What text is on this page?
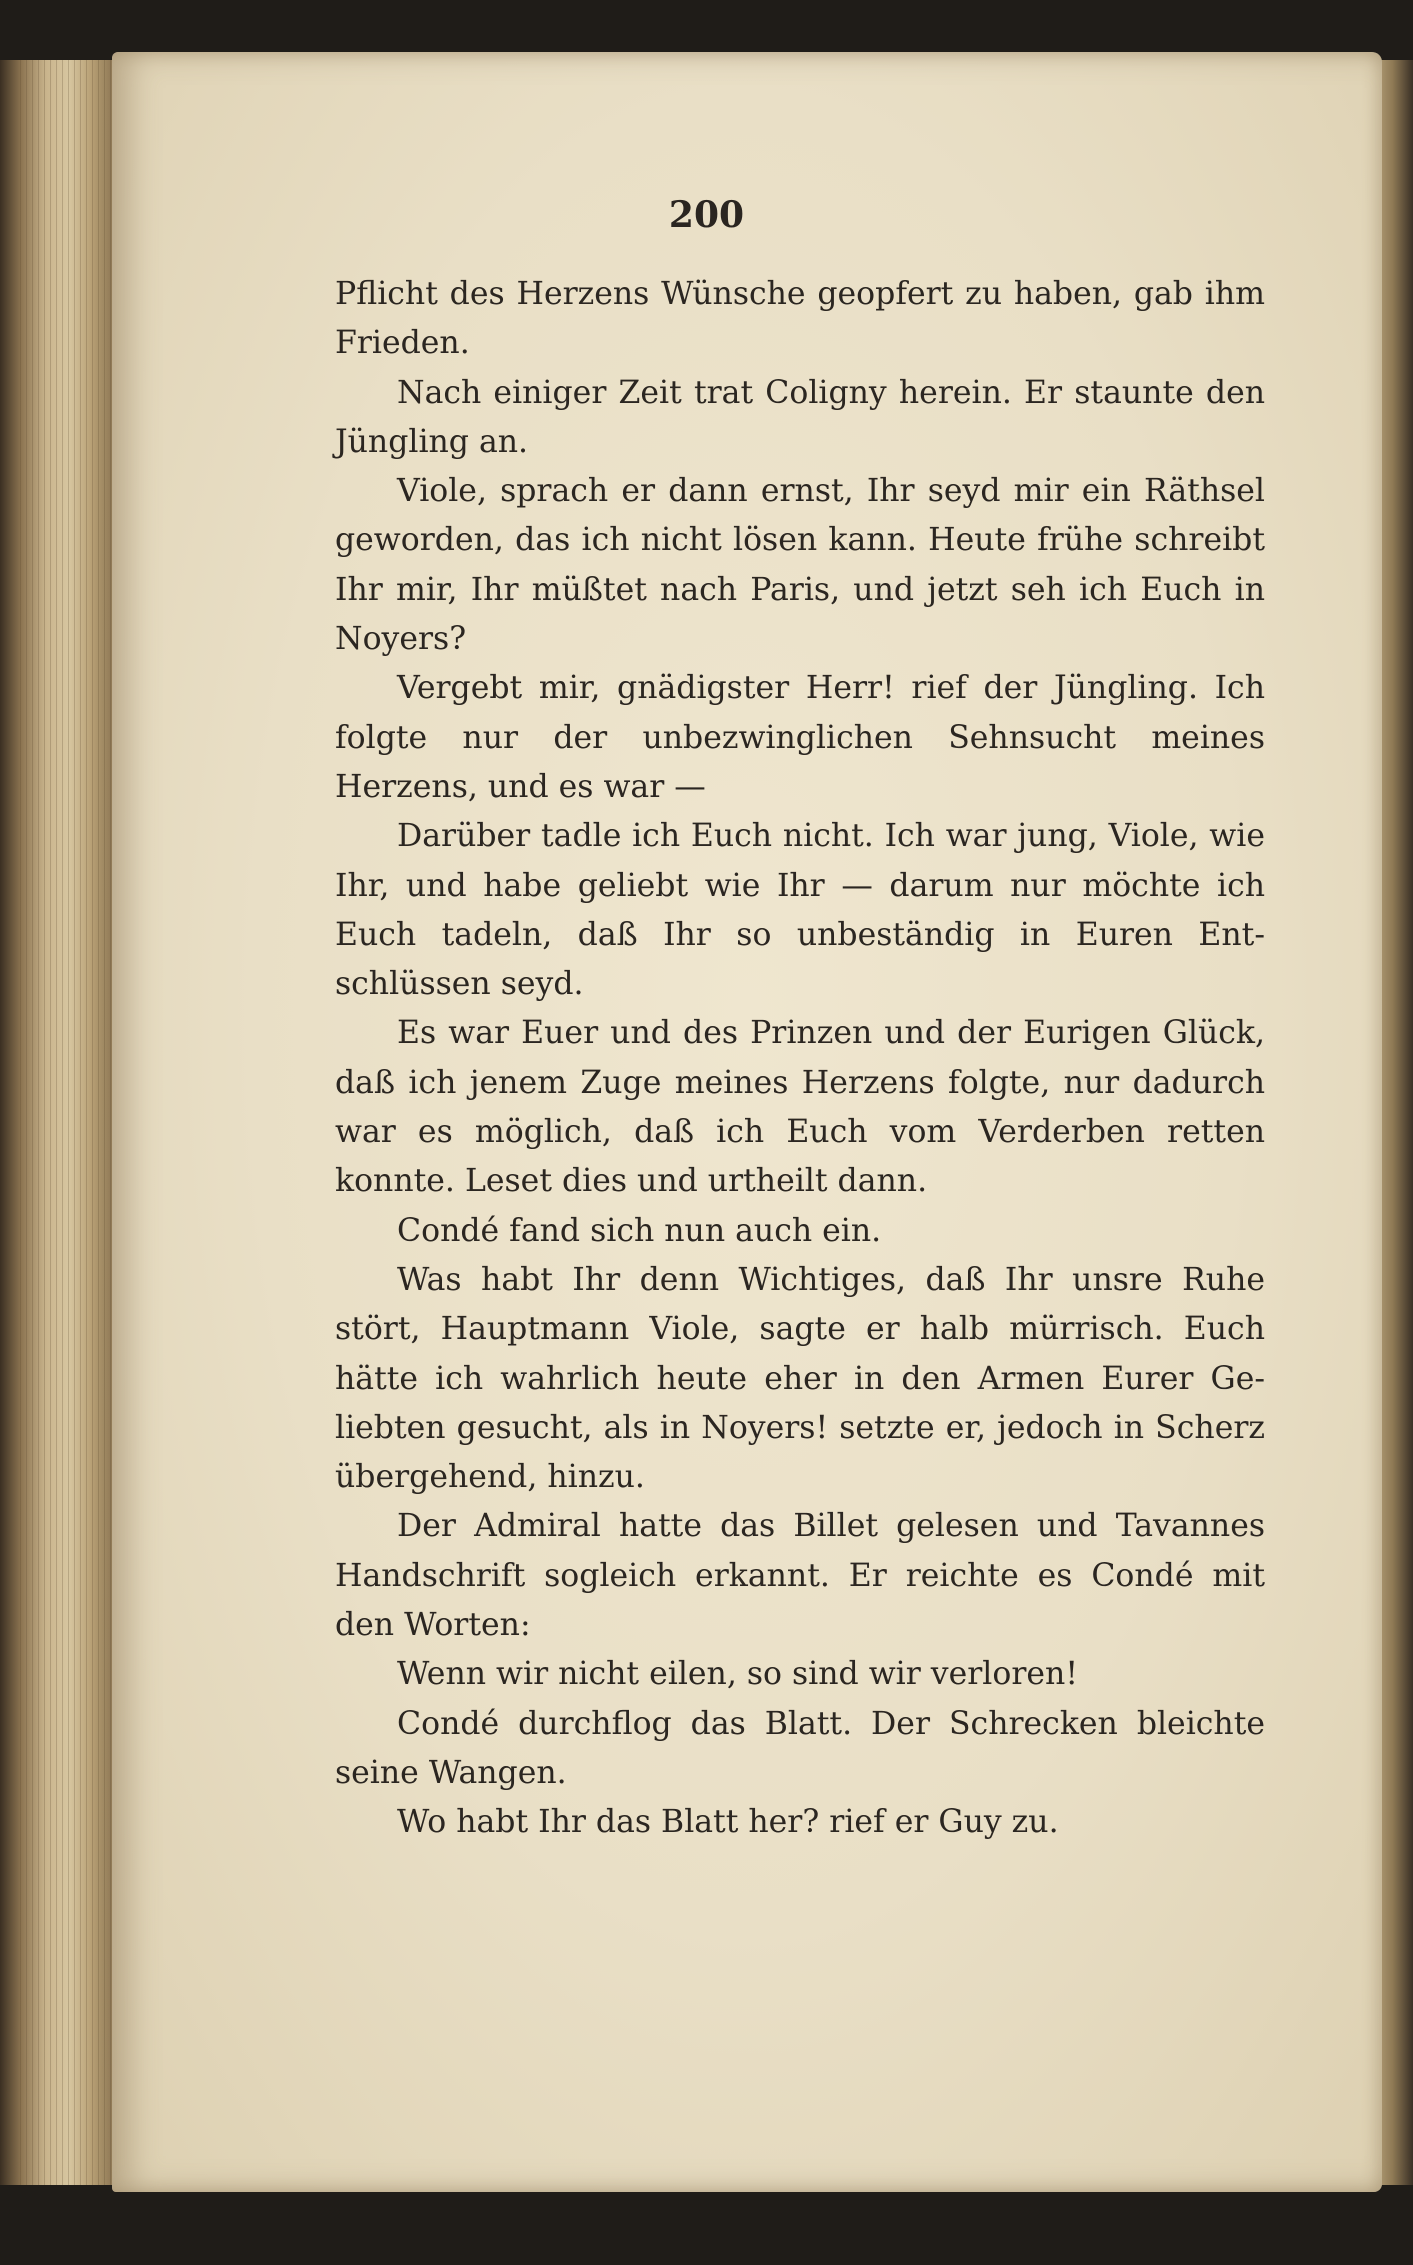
200

Pflicht des Herzens Wünsche geopfert zu haben, gab ihm Frieden.

Nach einiger Zeit trat Coligny herein. Er staunte den Jüngling an.

Viole, sprach er dann ernst, Ihr seyd mir ein Räthsel geworden, das ich nicht lösen kann. Heute frühe schreibt Ihr mir, Ihr müßtet nach Paris, und jetzt seh ich Euch in Noyers?

Vergebt mir, gnädigster Herr! rief der Jüngling. Ich folgte nur der unbezwinglichen Sehnsucht meines Herzens, und es war —

Darüber tadle ich Euch nicht. Ich war jung, Viole, wie Ihr, und habe geliebt wie Ihr — darum nur möchte ich Euch tadeln, daß Ihr so unbeständig in Euren Entschlüssen seyd.

Es war Euer und des Prinzen und der Eurigen Glück, daß ich jenem Zuge meines Herzens folgte, nur dadurch war es möglich, daß ich Euch vom Verderben retten konnte. Leset dies und urtheilt dann.

Condé fand sich nun auch ein.

Was habt Ihr denn Wichtiges, daß Ihr unsre Ruhe stört, Hauptmann Viole, sagte er halb mürrisch. Euch hätte ich wahrlich heute eher in den Armen Eurer Geliebten gesucht, als in Noyers! setzte er, jedoch in Scherz übergehend, hinzu.

Der Admiral hatte das Billet gelesen und Tavannes Handschrift sogleich erkannt. Er reichte es Condé mit den Worten:

Wenn wir nicht eilen, so sind wir verloren!

Condé durchflog das Blatt. Der Schrecken bleichte seine Wangen.

Wo habt Ihr das Blatt her? rief er Guy zu.
